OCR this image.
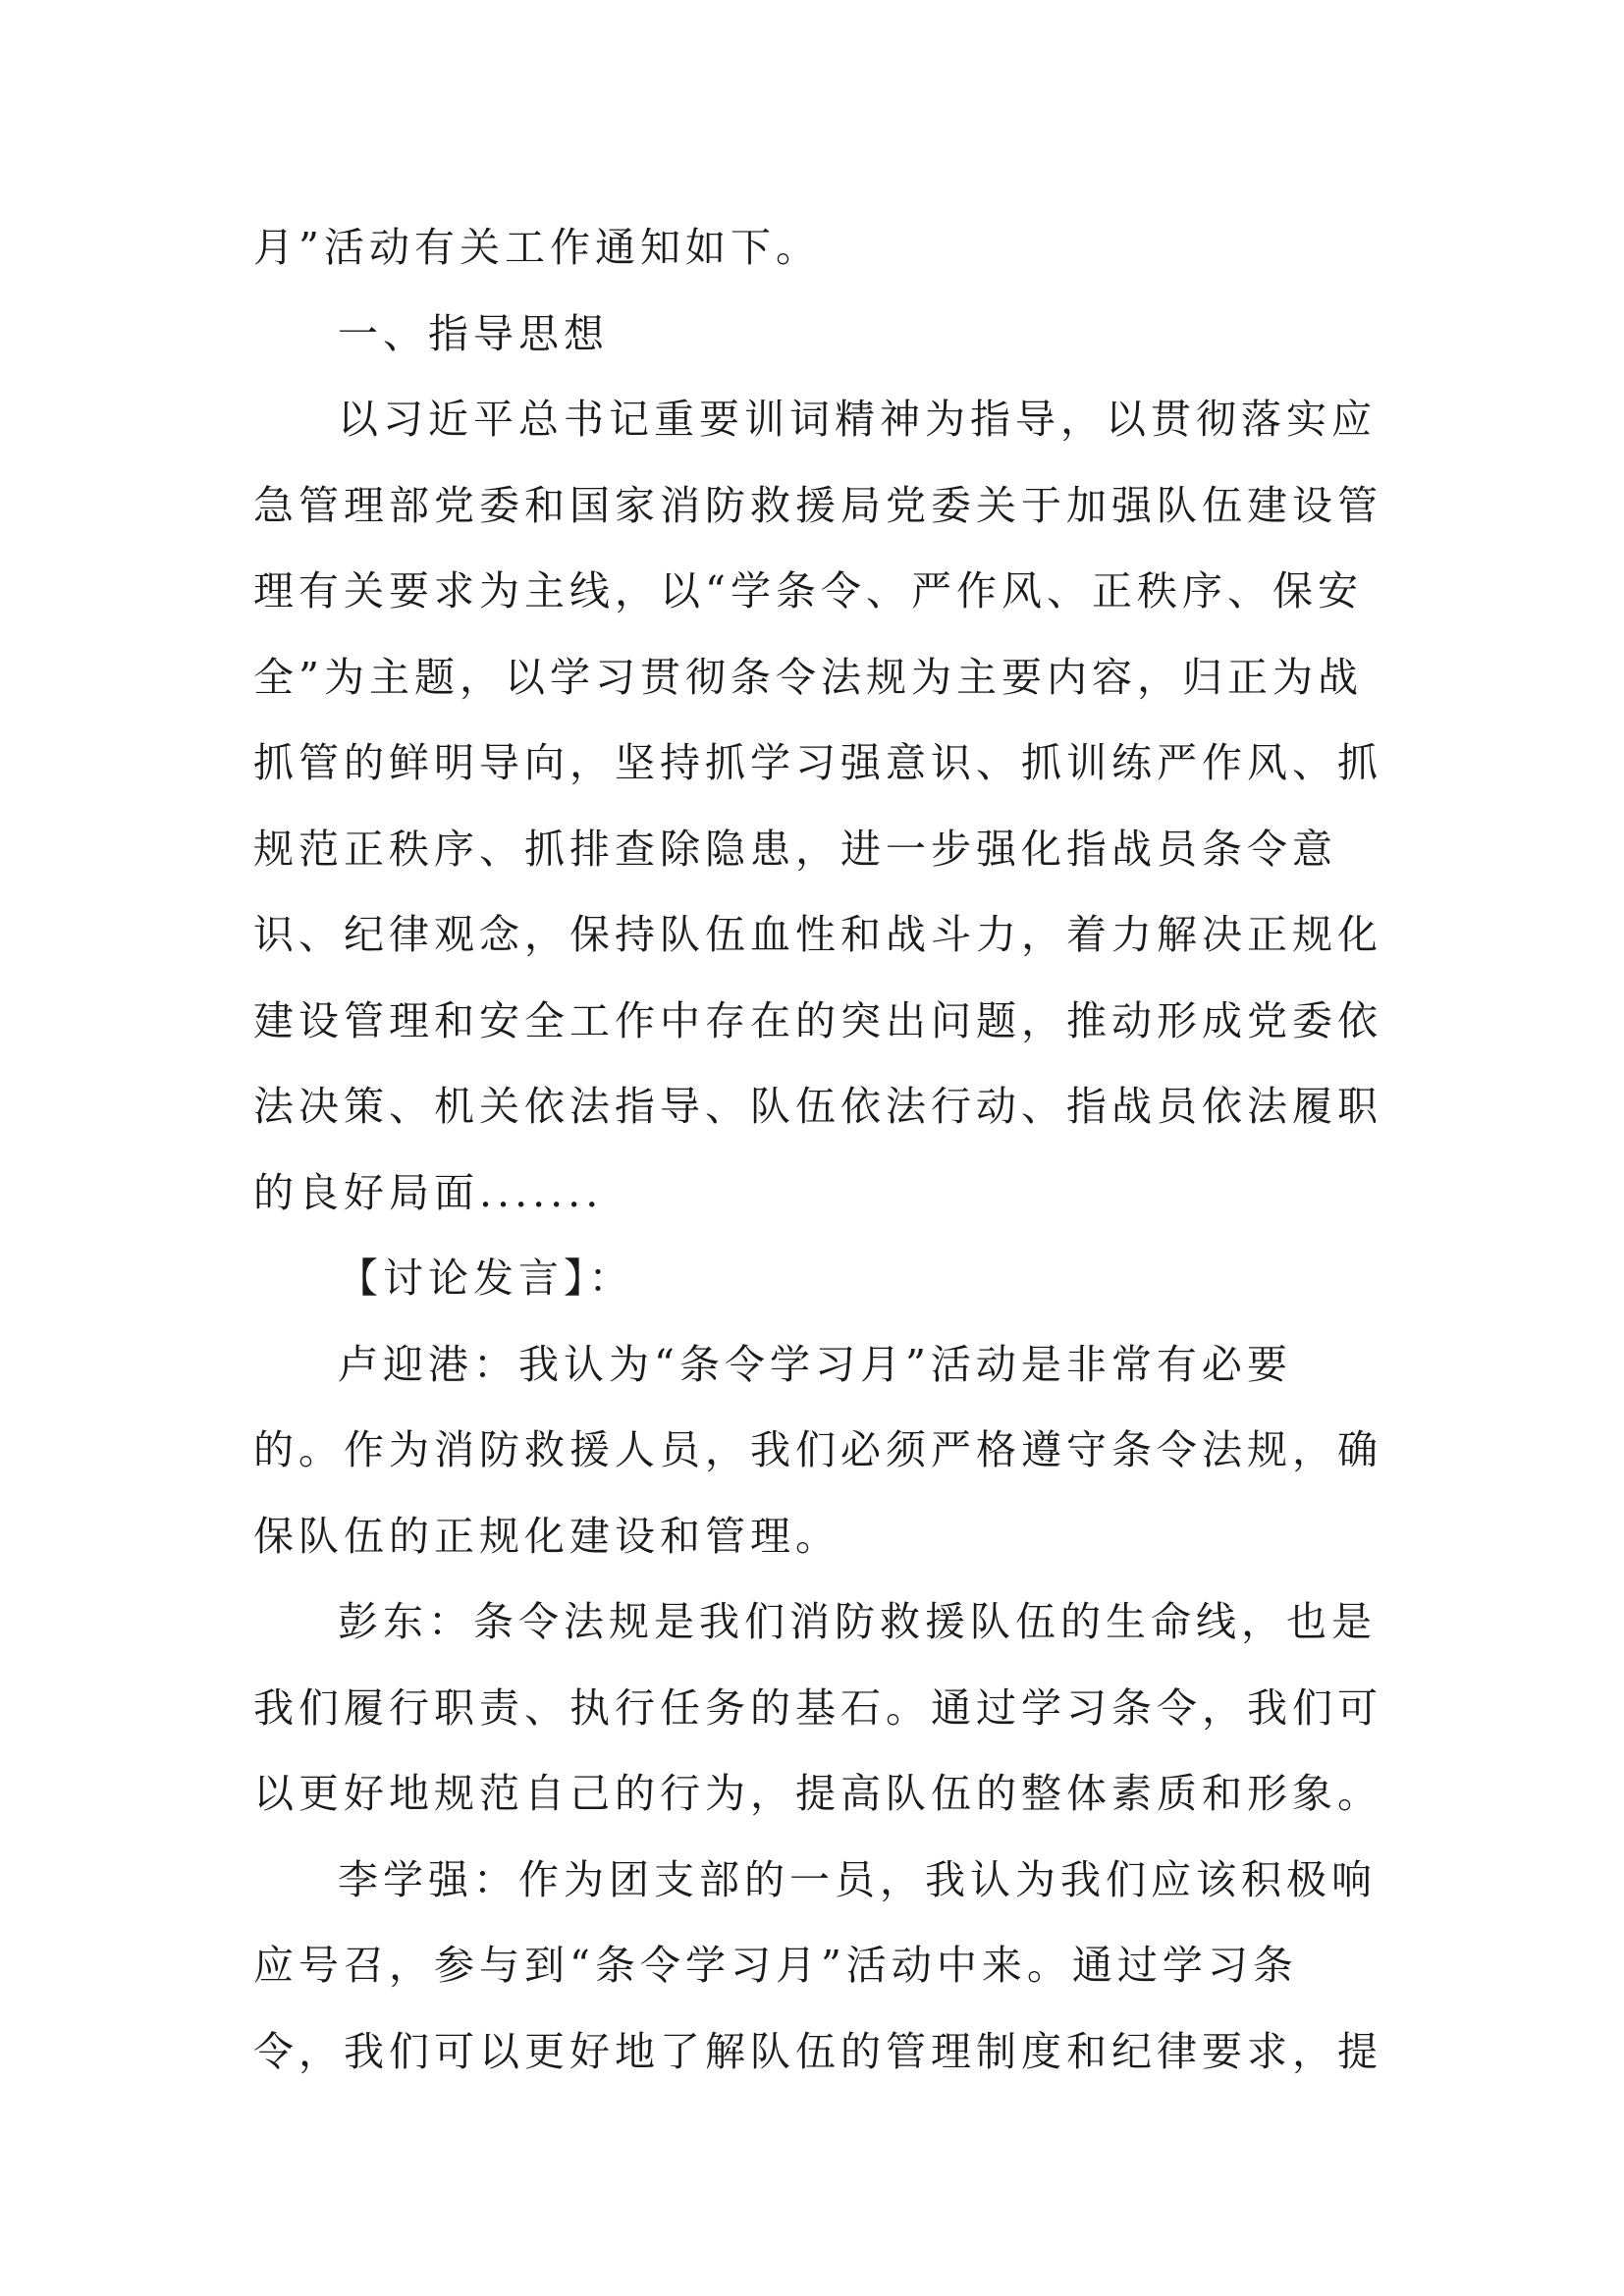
月”活动有关工作通知如下。
一、指导思想
以习近平总书记重要训词精神为指导，以贯彻落实应
急管理部党委和国家消防救援局党委关于加强队伍建设管
理有关要求为主线，以“学条令、严作风、正秩序、保安
全”为主题，以学习贯彻条令法规为主要内容，归正为战
抓管的鲜明导向，坚持抓学习强意识、抓训练严作风、抓
规范正秩序、抓排查除隐患，进一步强化指战员条令意
识、纪律观念，保持队伍血性和战斗力，着力解决正规化
建设管理和安全工作中存在的突出问题，推动形成党委依
法决策、机关依法指导、队伍依法行动、指战员依法履职
的良好局面.......
【讨论发言】：
卢迎港：我认为“条令学习月”活动是非常有必要
的。作为消防救援人员，我们必须严格遵守条令法规，确
保队伍的正规化建设和管理。
彭东：条令法规是我们消防救援队伍的生命线，也是
我们履行职责、执行任务的基石。通过学习条令，我们可
以更好地规范自己的行为，提高队伍的整体素质和形象。
李学强：作为团支部的一员，我认为我们应该积极响
应号召，参与到“条令学习月”活动中来。通过学习条
令，我们可以更好地了解队伍的管理制度和纪律要求，提
